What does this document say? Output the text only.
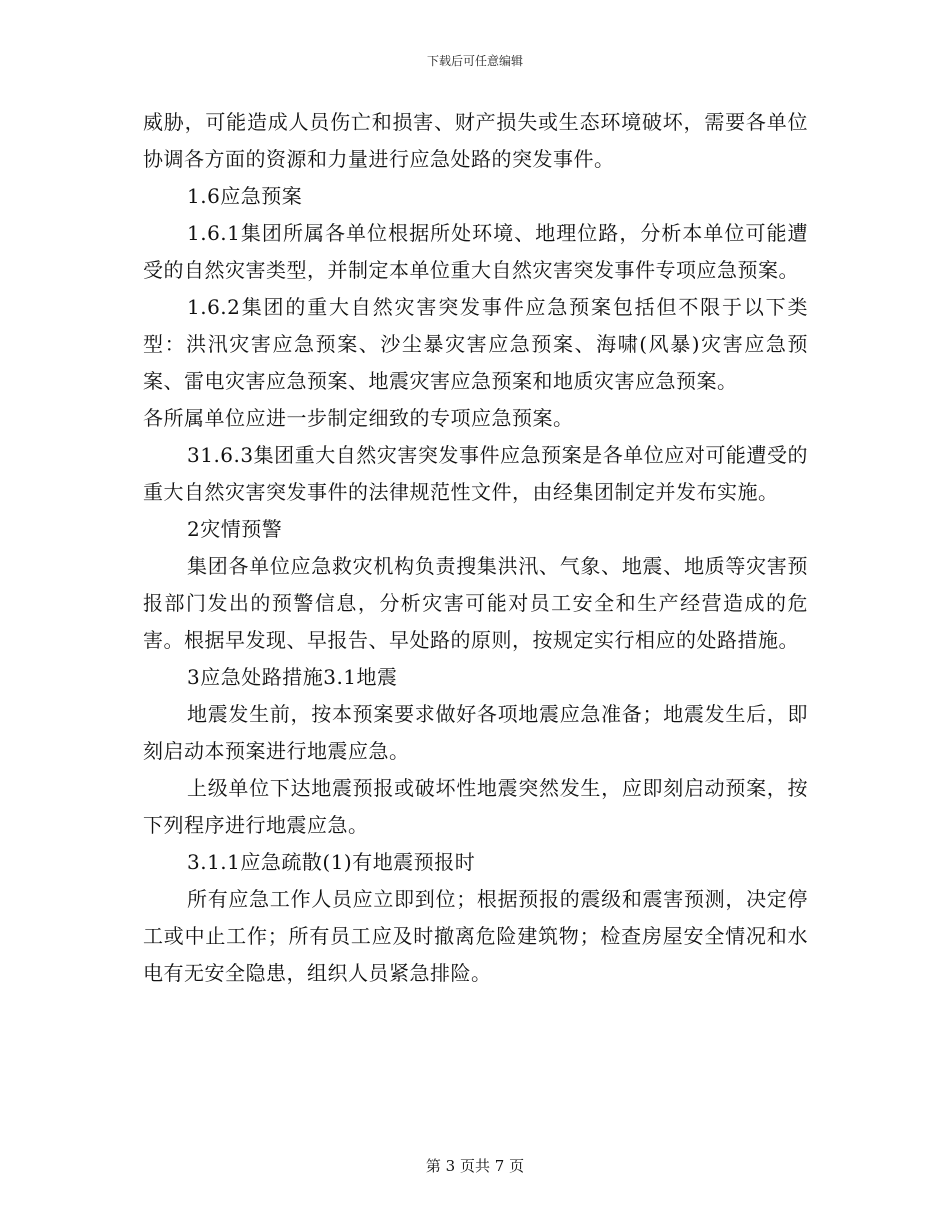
下载后可任意编辑

威胁，可能造成人员伤亡和损害、财产损失或生态环境破坏，需要各单位协调各方面的资源和力量进行应急处路的突发事件。

1.6应急预案

1.6.1集团所属各单位根据所处环境、地理位路，分析本单位可能遭受的自然灾害类型，并制定本单位重大自然灾害突发事件专项应急预案。

1.6.2集团的重大自然灾害突发事件应急预案包括但不限于以下类型：洪汛灾害应急预案、沙尘暴灾害应急预案、海啸(风暴)灾害应急预案、雷电灾害应急预案、地震灾害应急预案和地质灾害应急预案。

各所属单位应进一步制定细致的专项应急预案。

31.6.3集团重大自然灾害突发事件应急预案是各单位应对可能遭受的重大自然灾害突发事件的法律规范性文件，由经集团制定并发布实施。

2灾情预警

集团各单位应急救灾机构负责搜集洪汛、气象、地震、地质等灾害预报部门发出的预警信息，分析灾害可能对员工安全和生产经营造成的危害。根据早发现、早报告、早处路的原则，按规定实行相应的处路措施。

3应急处路措施3.1地震

地震发生前，按本预案要求做好各项地震应急准备；地震发生后，即刻启动本预案进行地震应急。

上级单位下达地震预报或破坏性地震突然发生，应即刻启动预案，按下列程序进行地震应急。

3.1.1应急疏散(1)有地震预报时

所有应急工作人员应立即到位；根据预报的震级和震害预测，决定停工或中止工作；所有员工应及时撤离危险建筑物；检查房屋安全情况和水电有无安全隐患，组织人员紧急排险。

第 3 页共 7 页
